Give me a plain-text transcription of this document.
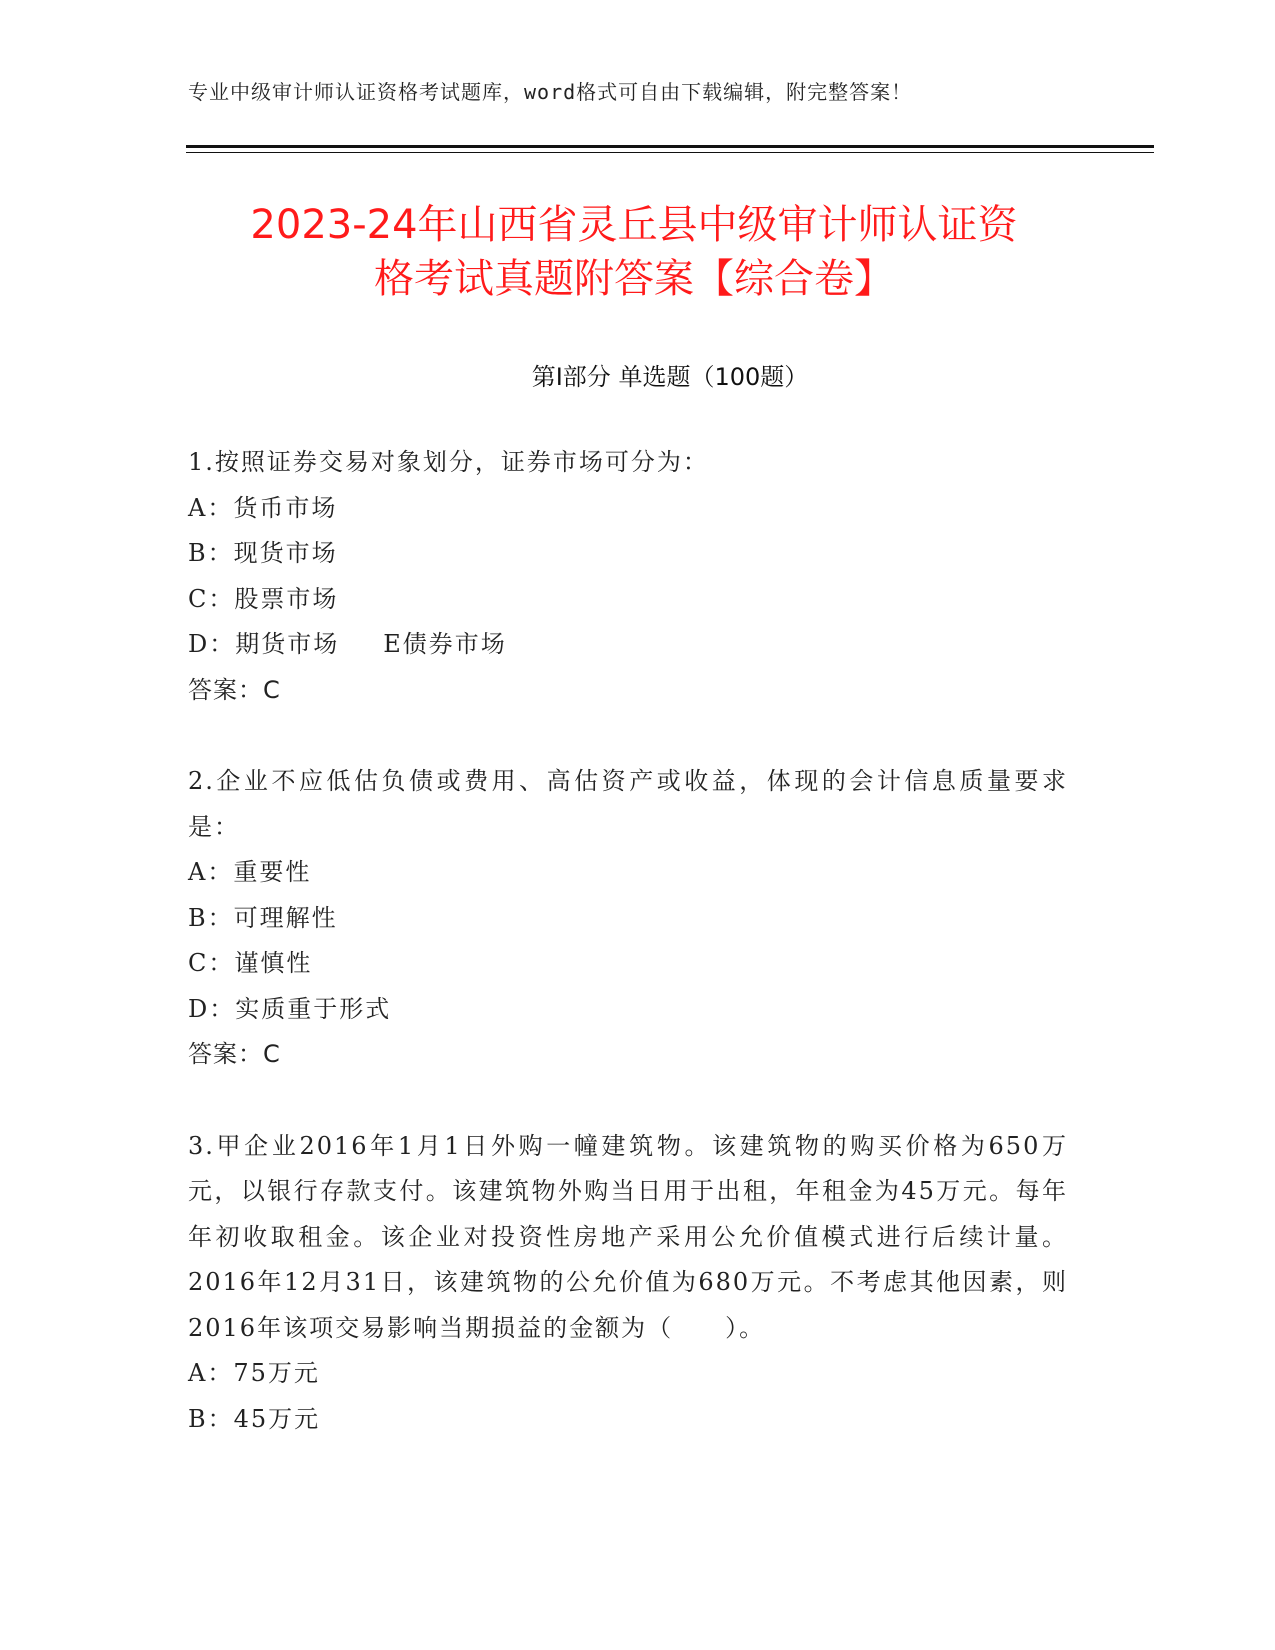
专业中级审计师认证资格考试题库，word格式可自由下载编辑，附完整答案！
2023-24年山西省灵丘县中级审计师认证资
格考试真题附答案【综合卷】
第Ⅰ部分 单选题（100题）
1.按照证券交易对象划分，证券市场可分为：
A：货币市场
B：现货市场
C：股票市场
D：期货市场 E债券市场
答案：C
2.企业不应低估负债或费用、高估资产或收益，体现的会计信息质量要求是：
A：重要性
B：可理解性
C：谨慎性
D：实质重于形式
答案：C
3.甲企业2016年1月1日外购一幢建筑物。该建筑物的购买价格为650万元，以银行存款支付。该建筑物外购当日用于出租，年租金为45万元。每年年初收取租金。该企业对投资性房地产采用公允价值模式进行后续计量。2016年12月31日，该建筑物的公允价值为680万元。不考虑其他因素，则2016年该项交易影响当期损益的金额为（　　）。
A：75万元
B：45万元
